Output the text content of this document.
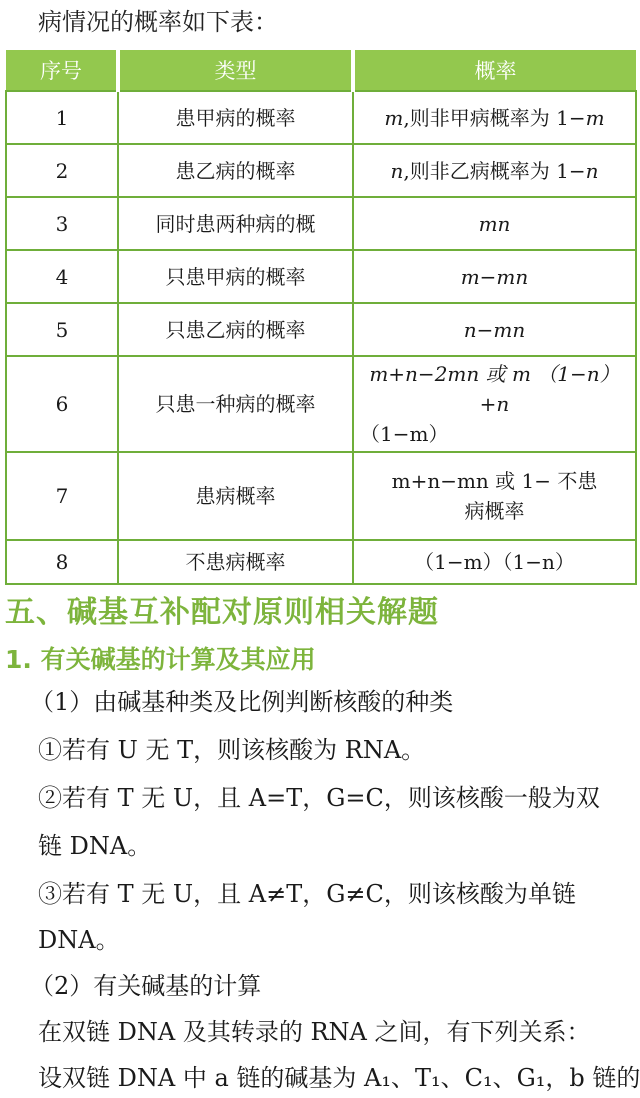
病情况的概率如下表：
序号	类型	概率
1	患甲病的概率	m,则非甲病概率为 1−m
2	患乙病的概率	n,则非乙病概率为 1−n
3	同时患两种病的概	mn
4	只患甲病的概率	m−mn
5	只患乙病的概率	n−mn
6	只患一种病的概率	m+n−2mn 或 m （1−n）+n
（1−m）

7	患病概率	m+n−mn 或 1− 不患
病概率

8	不患病概率	（1−m）（1−n）
五、碱基互补配对原则相关解题
1. 有关碱基的计算及其应用
（1）由碱基种类及比例判断核酸的种类
①若有 U 无 T，则该核酸为 RNA。
②若有 T 无 U，且 A=T，G=C，则该核酸一般为双
链 DNA。
③若有 T 无 U，且 A≠T，G≠C，则该核酸为单链
DNA。
（2）有关碱基的计算
在双链 DNA 及其转录的 RNA 之间，有下列关系：
设双链 DNA 中 a 链的碱基为 A₁、T₁、C₁、G₁，b 链的
